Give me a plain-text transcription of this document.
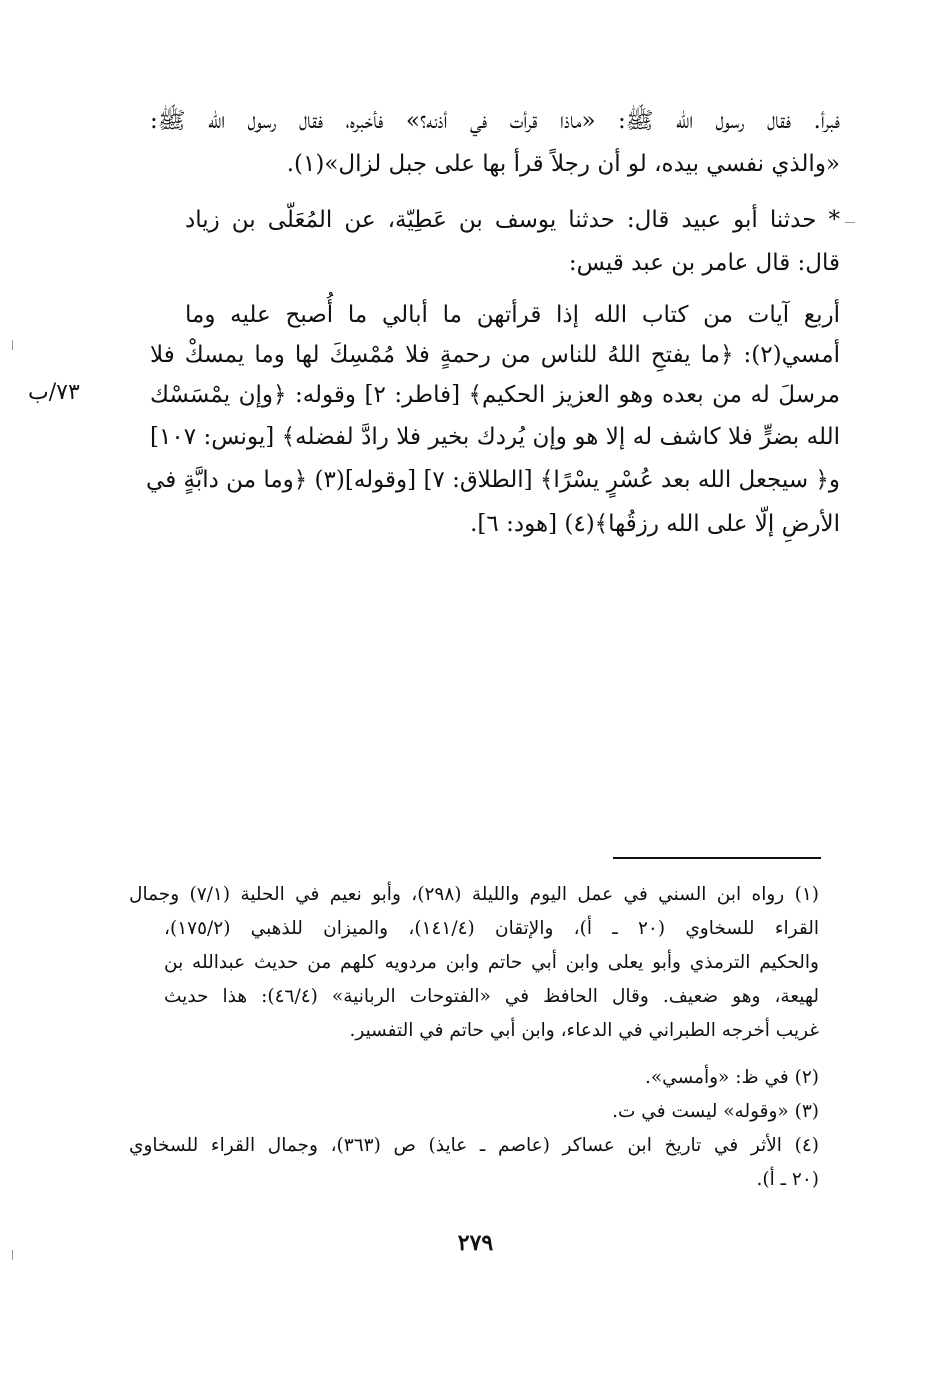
فبرأ. فقال رسول الله ﷺ: «ماذا قرأت في أذنه؟» فأخبره، فقال رسول الله ﷺ:
«والذي نفسي بيده، لو أن رجلاً قرأ بها على جبل لزال»(١).
* حدثنا أبو عبيد قال: حدثنا يوسف بن عَطِيّة، عن المُعَلّى بن زياد
قال: قال عامر بن عبد قيس:
أربع آيات من كتاب الله إذا قرأتهن ما أبالي ما أُصبح عليه وما
أمسي(٢): ﴿ما يفتحِ اللهُ للناس من رحمةٍ فلا مُمْسِكَ لها وما يمسكْ فلا
مرسلَ له من بعده وهو العزيز الحكيم﴾ [فاطر: ٢] وقوله: ﴿وإن يمْسَسْك
الله بضرٍّ فلا كاشف له إلا هو وإن يُردك بخير فلا رادَّ لفضله﴾ [يونس: ١٠٧]
و﴿ سيجعل الله بعد عُسْرٍ يسْرًا﴾ [الطلاق: ٧] [وقوله](٣) ﴿وما من دابَّةٍ في
الأرضِ إلّا على الله رزقُها﴾(٤) [هود: ٦].
٧٣/ب
(١) رواه ابن السني في عمل اليوم والليلة (٢٩٨)، وأبو نعيم في الحلية (٧/١) وجمال
القراء للسخاوي (٢٠ ـ أ)، والإتقان (١٤١/٤)، والميزان للذهبي (١٧٥/٢)،
والحكيم الترمذي وأبو يعلى وابن أبي حاتم وابن مردويه كلهم من حديث عبدالله بن
لهيعة، وهو ضعيف. وقال الحافظ في «الفتوحات الربانية» (٤٦/٤): هذا حديث
غريب أخرجه الطبراني في الدعاء، وابن أبي حاتم في التفسير.
(٢) في ظ: «وأمسي».
(٣) «وقوله» ليست في ت.
(٤) الأثر في تاريخ ابن عساكر (عاصم ـ عايذ) ص (٣٦٣)، وجمال القراء للسخاوي
(٢٠ ـ أ).
٢٧٩
